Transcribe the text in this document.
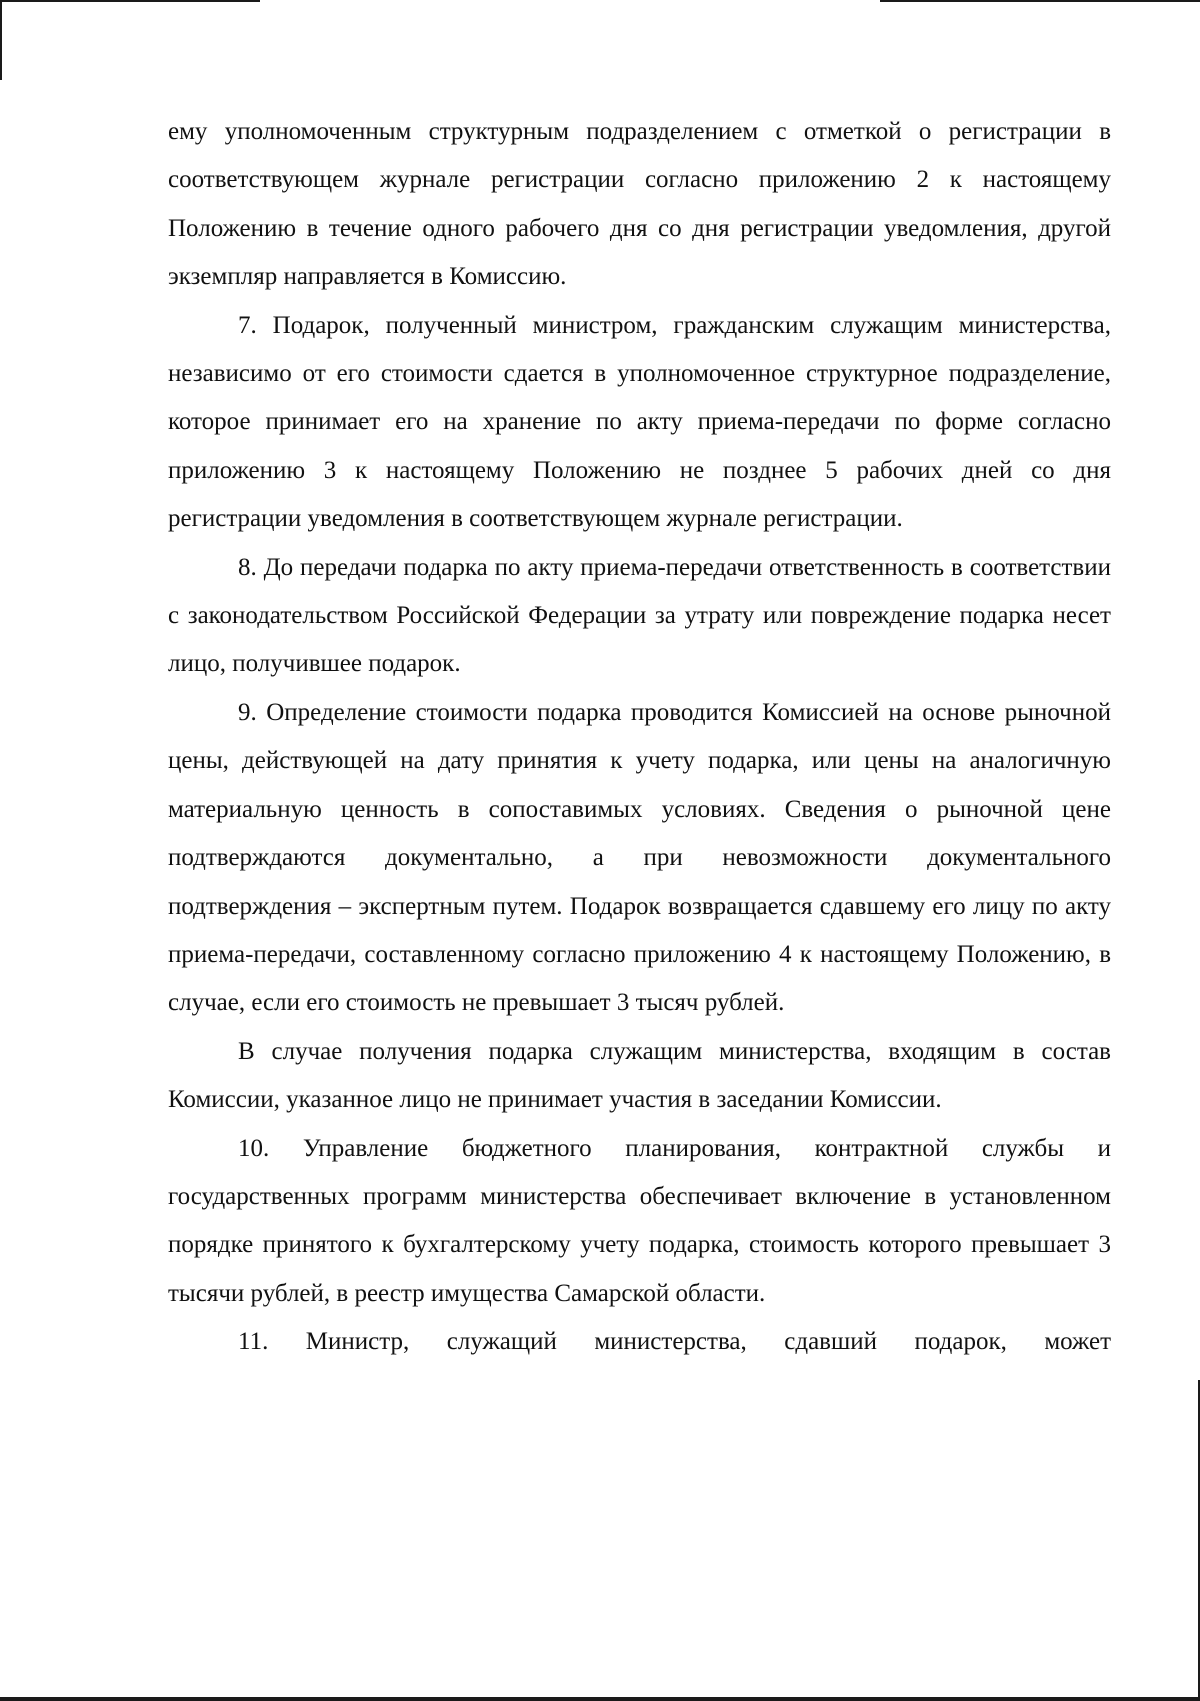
ему уполномоченным структурным подразделением с отметкой о регистрации в соответствующем журнале регистрации согласно приложению 2 к настоящему Положению в течение одного рабочего дня со дня регистрации уведомления, другой экземпляр направляется в Комиссию.

7. Подарок, полученный министром, гражданским служащим министерства, независимо от его стоимости сдается в уполномоченное структурное подразделение, которое принимает его на хранение по акту приема-передачи по форме согласно приложению 3 к настоящему Положению не позднее 5 рабочих дней со дня регистрации уведомления в соответствующем журнале регистрации.

8. До передачи подарка по акту приема-передачи ответственность в соответствии с законодательством Российской Федерации за утрату или повреждение подарка несет лицо, получившее подарок.

9. Определение стоимости подарка проводится Комиссией на основе рыночной цены, действующей на дату принятия к учету подарка, или цены на аналогичную материальную ценность в сопоставимых условиях. Сведения о рыночной цене подтверждаются документально, а при невозможности документального подтверждения – экспертным путем. Подарок возвращается сдавшему его лицу по акту приема-передачи, составленному согласно приложению 4 к настоящему Положению, в случае, если его стоимость не превышает 3 тысяч рублей.

В случае получения подарка служащим министерства, входящим в состав Комиссии, указанное лицо не принимает участия в заседании Комиссии.

10. Управление бюджетного планирования, контрактной службы и государственных программ министерства обеспечивает включение в установленном порядке принятого к бухгалтерскому учету подарка, стоимость которого превышает 3 тысячи рублей, в реестр имущества Самарской области.

11. Министр, служащий министерства, сдавший подарок, может
